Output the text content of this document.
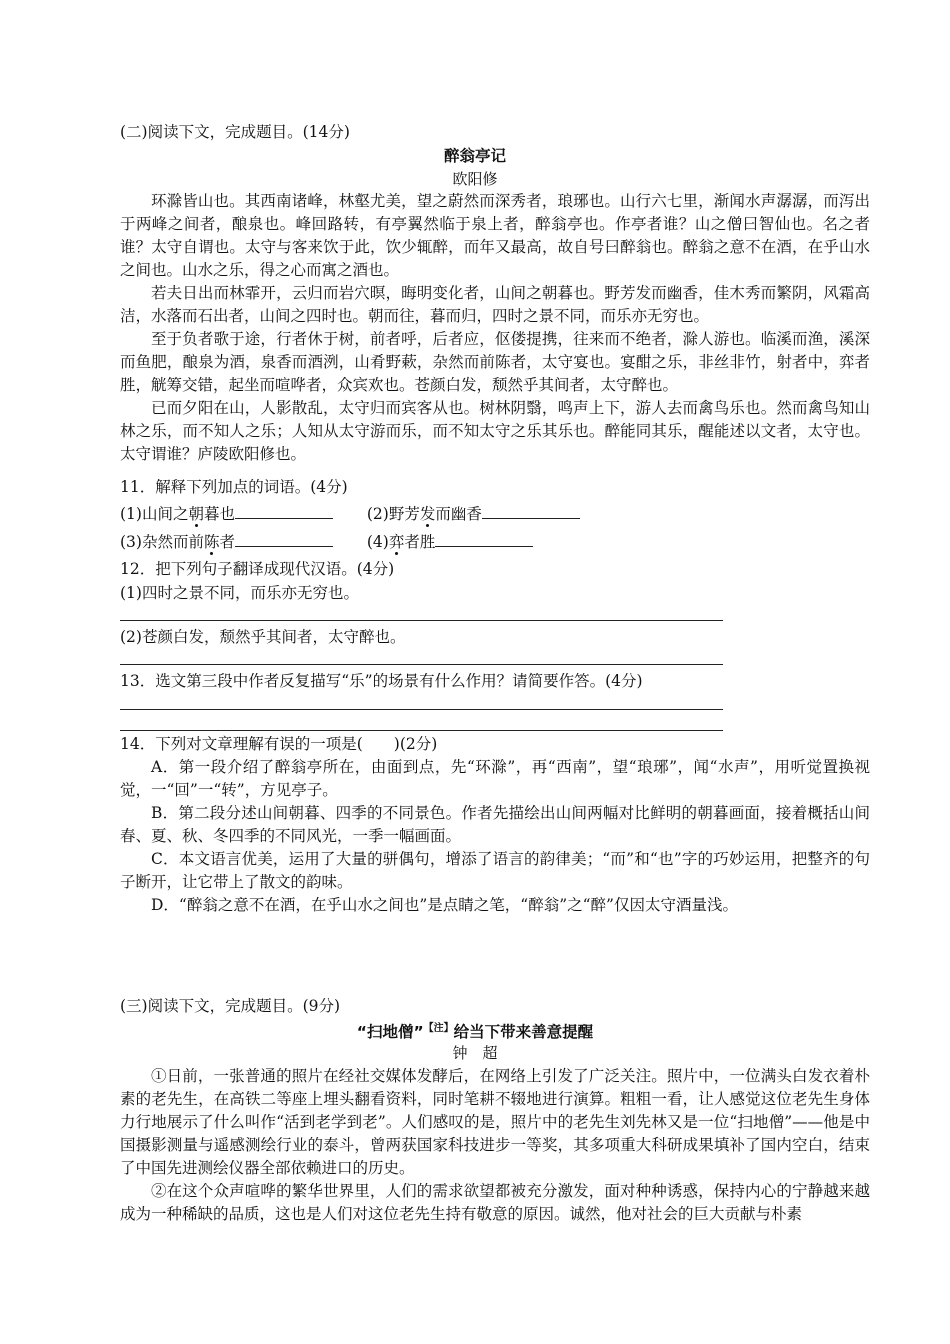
(二)阅读下文，完成题目。(14分)
醉翁亭记
欧阳修

环滁皆山也。其西南诸峰，林壑尤美，望之蔚然而深秀者，琅琊也。山行六七里，渐闻水声潺潺，而泻出于两峰之间者，酿泉也。峰回路转，有亭翼然临于泉上者，醉翁亭也。作亭者谁？山之僧曰智仙也。名之者谁？太守自谓也。太守与客来饮于此，饮少辄醉，而年又最高，故自号曰醉翁也。醉翁之意不在酒，在乎山水之间也。山水之乐，得之心而寓之酒也。

若夫日出而林霏开，云归而岩穴暝，晦明变化者，山间之朝暮也。野芳发而幽香，佳木秀而繁阴，风霜高洁，水落而石出者，山间之四时也。朝而往，暮而归，四时之景不同，而乐亦无穷也。

至于负者歌于途，行者休于树，前者呼，后者应，伛偻提携，往来而不绝者，滁人游也。临溪而渔，溪深而鱼肥，酿泉为酒，泉香而酒洌，山肴野蔌，杂然而前陈者，太守宴也。宴酣之乐，非丝非竹，射者中，弈者胜，觥筹交错，起坐而喧哗者，众宾欢也。苍颜白发，颓然乎其间者，太守醉也。

已而夕阳在山，人影散乱，太守归而宾客从也。树林阴翳，鸣声上下，游人去而禽鸟乐也。然而禽鸟知山林之乐，而不知人之乐；人知从太守游而乐，而不知太守之乐其乐也。醉能同其乐，醒能述以文者，太守也。太守谓谁？庐陵欧阳修也。

11．解释下列加点的词语。(4分)
(1)山间之朝暮也	(2)野芳发而幽香
(3)杂然而前陈者	(4)弈者胜
12．把下列句子翻译成现代汉语。(4分)
(1)四时之景不同，而乐亦无穷也。
(2)苍颜白发，颓然乎其间者，太守醉也。
13．选文第三段中作者反复描写“乐”的场景有什么作用？请简要作答。(4分)
14．下列对文章理解有误的一项是(　　)(2分)

A．第一段介绍了醉翁亭所在，由面到点，先“环滁”，再“西南”，望“琅琊”，闻“水声”，用听觉置换视觉，一“回”一“转”，方见亭子。

B．第二段分述山间朝暮、四季的不同景色。作者先描绘出山间两幅对比鲜明的朝暮画面，接着概括山间春、夏、秋、冬四季的不同风光，一季一幅画面。

C．本文语言优美，运用了大量的骈偶句，增添了语言的韵律美；“而”和“也”字的巧妙运用，把整齐的句子断开，让它带上了散文的韵味。

D．“醉翁之意不在酒，在乎山水之间也”是点睛之笔，“醉翁”之“醉”仅因太守酒量浅。

(三)阅读下文，完成题目。(9分)
“扫地僧”$^{【注】}$给当下带来善意提醒
钟　超

①日前，一张普通的照片在经社交媒体发酵后，在网络上引发了广泛关注。照片中，一位满头白发衣着朴素的老先生，在高铁二等座上埋头翻看资料，同时笔耕不辍地进行演算。粗粗一看，让人感觉这位老先生身体力行地展示了什么叫作“活到老学到老”。人们感叹的是，照片中的老先生刘先林又是一位“扫地僧”——他是中国摄影测量与遥感测绘行业的泰斗，曾两获国家科技进步一等奖，其多项重大科研成果填补了国内空白，结束了中国先进测绘仪器全部依赖进口的历史。

②在这个众声喧哗的繁华世界里，人们的需求欲望都被充分激发，面对种种诱惑，保持内心的宁静越来越成为一种稀缺的品质，这也是人们对这位老先生持有敬意的原因。诚然，他对社会的巨大贡献与朴素
